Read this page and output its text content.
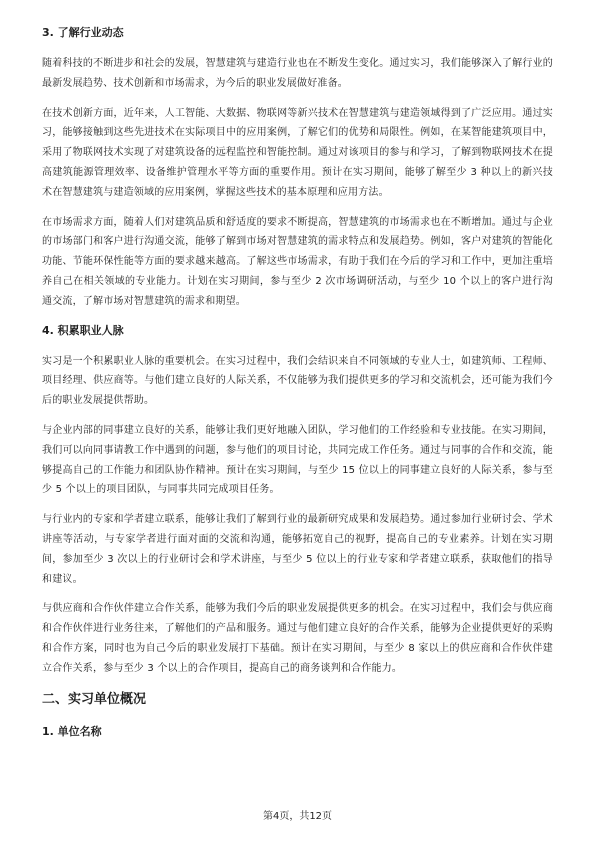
3. 了解行业动态

随着科技的不断进步和社会的发展，智慧建筑与建造行业也在不断发生变化。通过实习，我们能够深入了解行业的最新发展趋势、技术创新和市场需求，为今后的职业发展做好准备。

在技术创新方面，近年来，人工智能、大数据、物联网等新兴技术在智慧建筑与建造领域得到了广泛应用。通过实习，能够接触到这些先进技术在实际项目中的应用案例，了解它们的优势和局限性。例如，在某智能建筑项目中，采用了物联网技术实现了对建筑设备的远程监控和智能控制。通过对该项目的参与和学习，了解到物联网技术在提高建筑能源管理效率、设备维护管理水平等方面的重要作用。预计在实习期间，能够了解至少 3 种以上的新兴技术在智慧建筑与建造领域的应用案例，掌握这些技术的基本原理和应用方法。

在市场需求方面，随着人们对建筑品质和舒适度的要求不断提高，智慧建筑的市场需求也在不断增加。通过与企业的市场部门和客户进行沟通交流，能够了解到市场对智慧建筑的需求特点和发展趋势。例如，客户对建筑的智能化功能、节能环保性能等方面的要求越来越高。了解这些市场需求，有助于我们在今后的学习和工作中，更加注重培养自己在相关领域的专业能力。计划在实习期间，参与至少 2 次市场调研活动，与至少 10 个以上的客户进行沟通交流，了解市场对智慧建筑的需求和期望。

4. 积累职业人脉

实习是一个积累职业人脉的重要机会。在实习过程中，我们会结识来自不同领域的专业人士，如建筑师、工程师、项目经理、供应商等。与他们建立良好的人际关系，不仅能够为我们提供更多的学习和交流机会，还可能为我们今后的职业发展提供帮助。

与企业内部的同事建立良好的关系，能够让我们更好地融入团队，学习他们的工作经验和专业技能。在实习期间，我们可以向同事请教工作中遇到的问题，参与他们的项目讨论，共同完成工作任务。通过与同事的合作和交流，能够提高自己的工作能力和团队协作精神。预计在实习期间，与至少 15 位以上的同事建立良好的人际关系，参与至少 5 个以上的项目团队，与同事共同完成项目任务。

与行业内的专家和学者建立联系，能够让我们了解到行业的最新研究成果和发展趋势。通过参加行业研讨会、学术讲座等活动，与专家学者进行面对面的交流和沟通，能够拓宽自己的视野，提高自己的专业素养。计划在实习期间，参加至少 3 次以上的行业研讨会和学术讲座，与至少 5 位以上的行业专家和学者建立联系，获取他们的指导和建议。

与供应商和合作伙伴建立合作关系，能够为我们今后的职业发展提供更多的机会。在实习过程中，我们会与供应商和合作伙伴进行业务往来，了解他们的产品和服务。通过与他们建立良好的合作关系，能够为企业提供更好的采购和合作方案，同时也为自己今后的职业发展打下基础。预计在实习期间，与至少 8 家以上的供应商和合作伙伴建立合作关系，参与至少 3 个以上的合作项目，提高自己的商务谈判和合作能力。

二、实习单位概况
1. 单位名称
第4页，共12页
